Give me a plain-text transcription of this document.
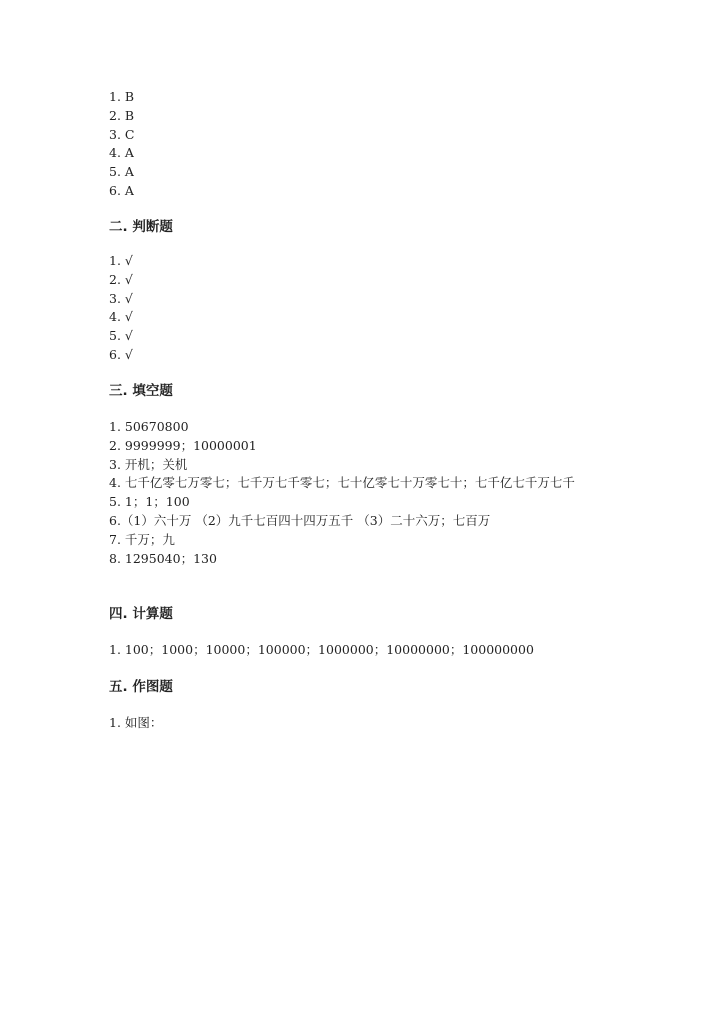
1. B
2. B
3. C
4. A
5. A
6. A
二. 判断题
1. √
2. √
3. √
4. √
5. √
6. √
三. 填空题
1. 50670800
2. 9999999；10000001
3. 开机；关机
4. 七千亿零七万零七；七千万七千零七；七十亿零七十万零七十；七千亿七千万七千
5. 1；1；100
6.（1）六十万 （2）九千七百四十四万五千 （3）二十六万；七百万
7. 千万；九
8. 1295040；130
四. 计算题
1. 100；1000；10000；100000；1000000；10000000；100000000
五. 作图题
1. 如图：
